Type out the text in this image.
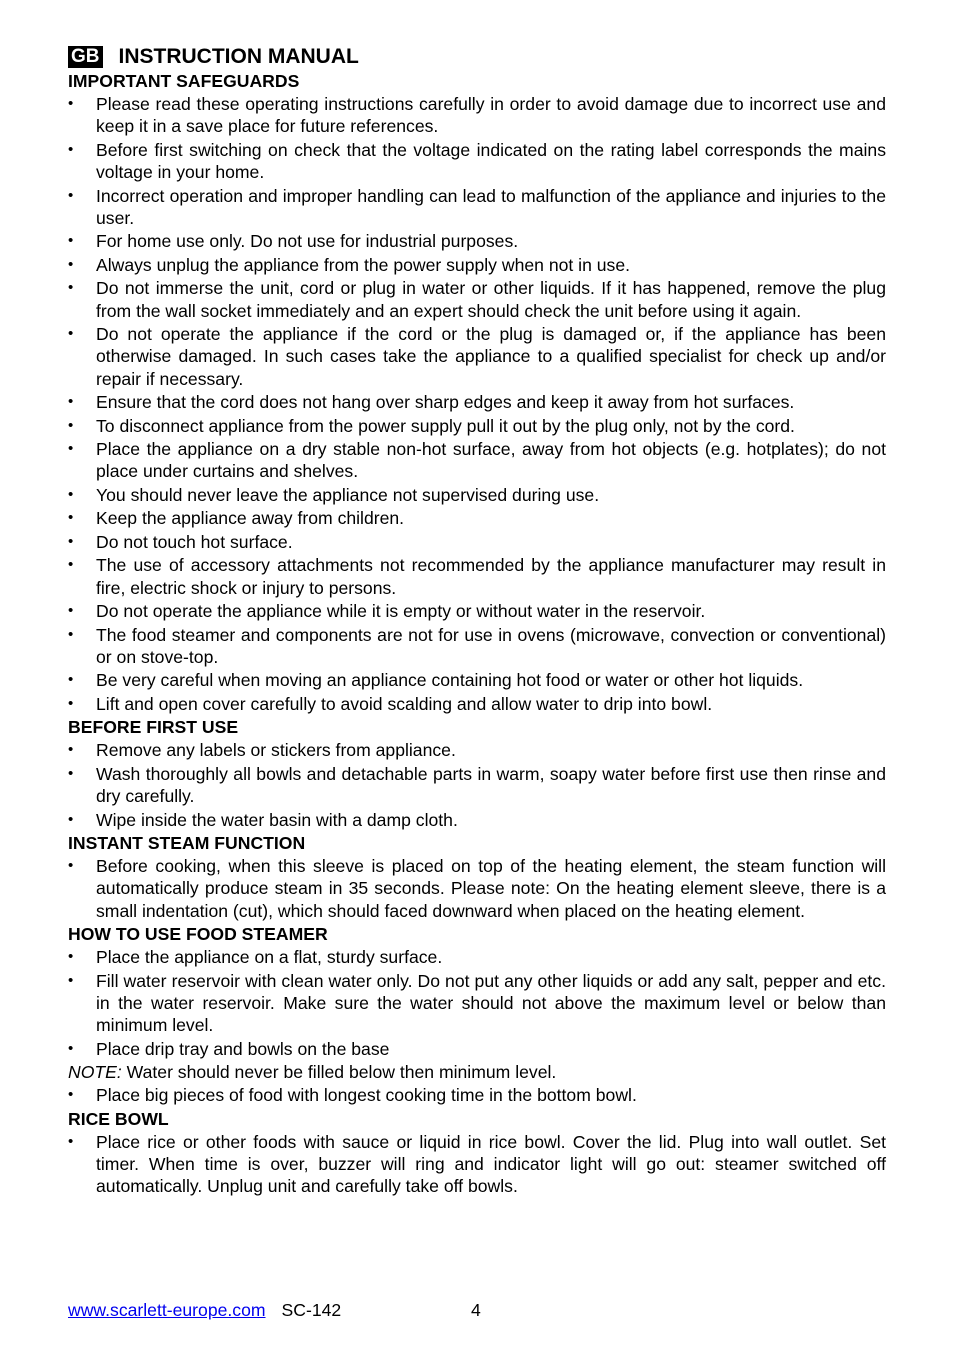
GB INSTRUCTION MANUAL

IMPORTANT SAFEGUARDS

• Please read these operating instructions carefully in order to avoid damage due to incorrect use and keep it in a save place for future references.
• Before first switching on check that the voltage indicated on the rating label corresponds the mains voltage in your home.
• Incorrect operation and improper handling can lead to malfunction of the appliance and injuries to the user.
• For home use only. Do not use for industrial purposes.
• Always unplug the appliance from the power supply when not in use.
• Do not immerse the unit, cord or plug in water or other liquids. If it has happened, remove the plug from the wall socket immediately and an expert should check the unit before using it again.
• Do not operate the appliance if the cord or the plug is damaged or, if the appliance has been otherwise damaged. In such cases take the appliance to a qualified specialist for check up and/or repair if necessary.
• Ensure that the cord does not hang over sharp edges and keep it away from hot surfaces.
• To disconnect appliance from the power supply pull it out by the plug only, not by the cord.
• Place the appliance on a dry stable non-hot surface, away from hot objects (e.g. hotplates); do not place under curtains and shelves.
• You should never leave the appliance not supervised during use.
• Keep the appliance away from children.
• Do not touch hot surface.
• The use of accessory attachments not recommended by the appliance manufacturer may result in fire, electric shock or injury to persons.
• Do not operate the appliance while it is empty or without water in the reservoir.
• The food steamer and components are not for use in ovens (microwave, convection or conventional) or on stove-top.
• Be very careful when moving an appliance containing hot food or water or other hot liquids.
• Lift and open cover carefully to avoid scalding and allow water to drip into bowl.

BEFORE FIRST USE

• Remove any labels or stickers from appliance.
• Wash thoroughly all bowls and detachable parts in warm, soapy water before first use then rinse and dry carefully.
• Wipe inside the water basin with a damp cloth.

INSTANT STEAM FUNCTION

• Before cooking, when this sleeve is placed on top of the heating element, the steam function will automatically produce steam in 35 seconds. Please note: On the heating element sleeve, there is a small indentation (cut), which should faced downward when placed on the heating element.

HOW TO USE FOOD STEAMER

• Place the appliance on a flat, sturdy surface.
• Fill water reservoir with clean water only. Do not put any other liquids or add any salt, pepper and etc. in the water reservoir. Make sure the water should not above the maximum level or below than minimum level.
• Place drip tray and bowls on the base

NOTE: Water should never be filled below then minimum level.

• Place big pieces of food with longest cooking time in the bottom bowl.

RICE BOWL

• Place rice or other foods with sauce or liquid in rice bowl. Cover the lid. Plug into wall outlet. Set timer. When time is over, buzzer will ring and indicator light will go out: steamer switched off automatically. Unplug unit and carefully take off bowls.
www.scarlett-europe.com SC-142	4
